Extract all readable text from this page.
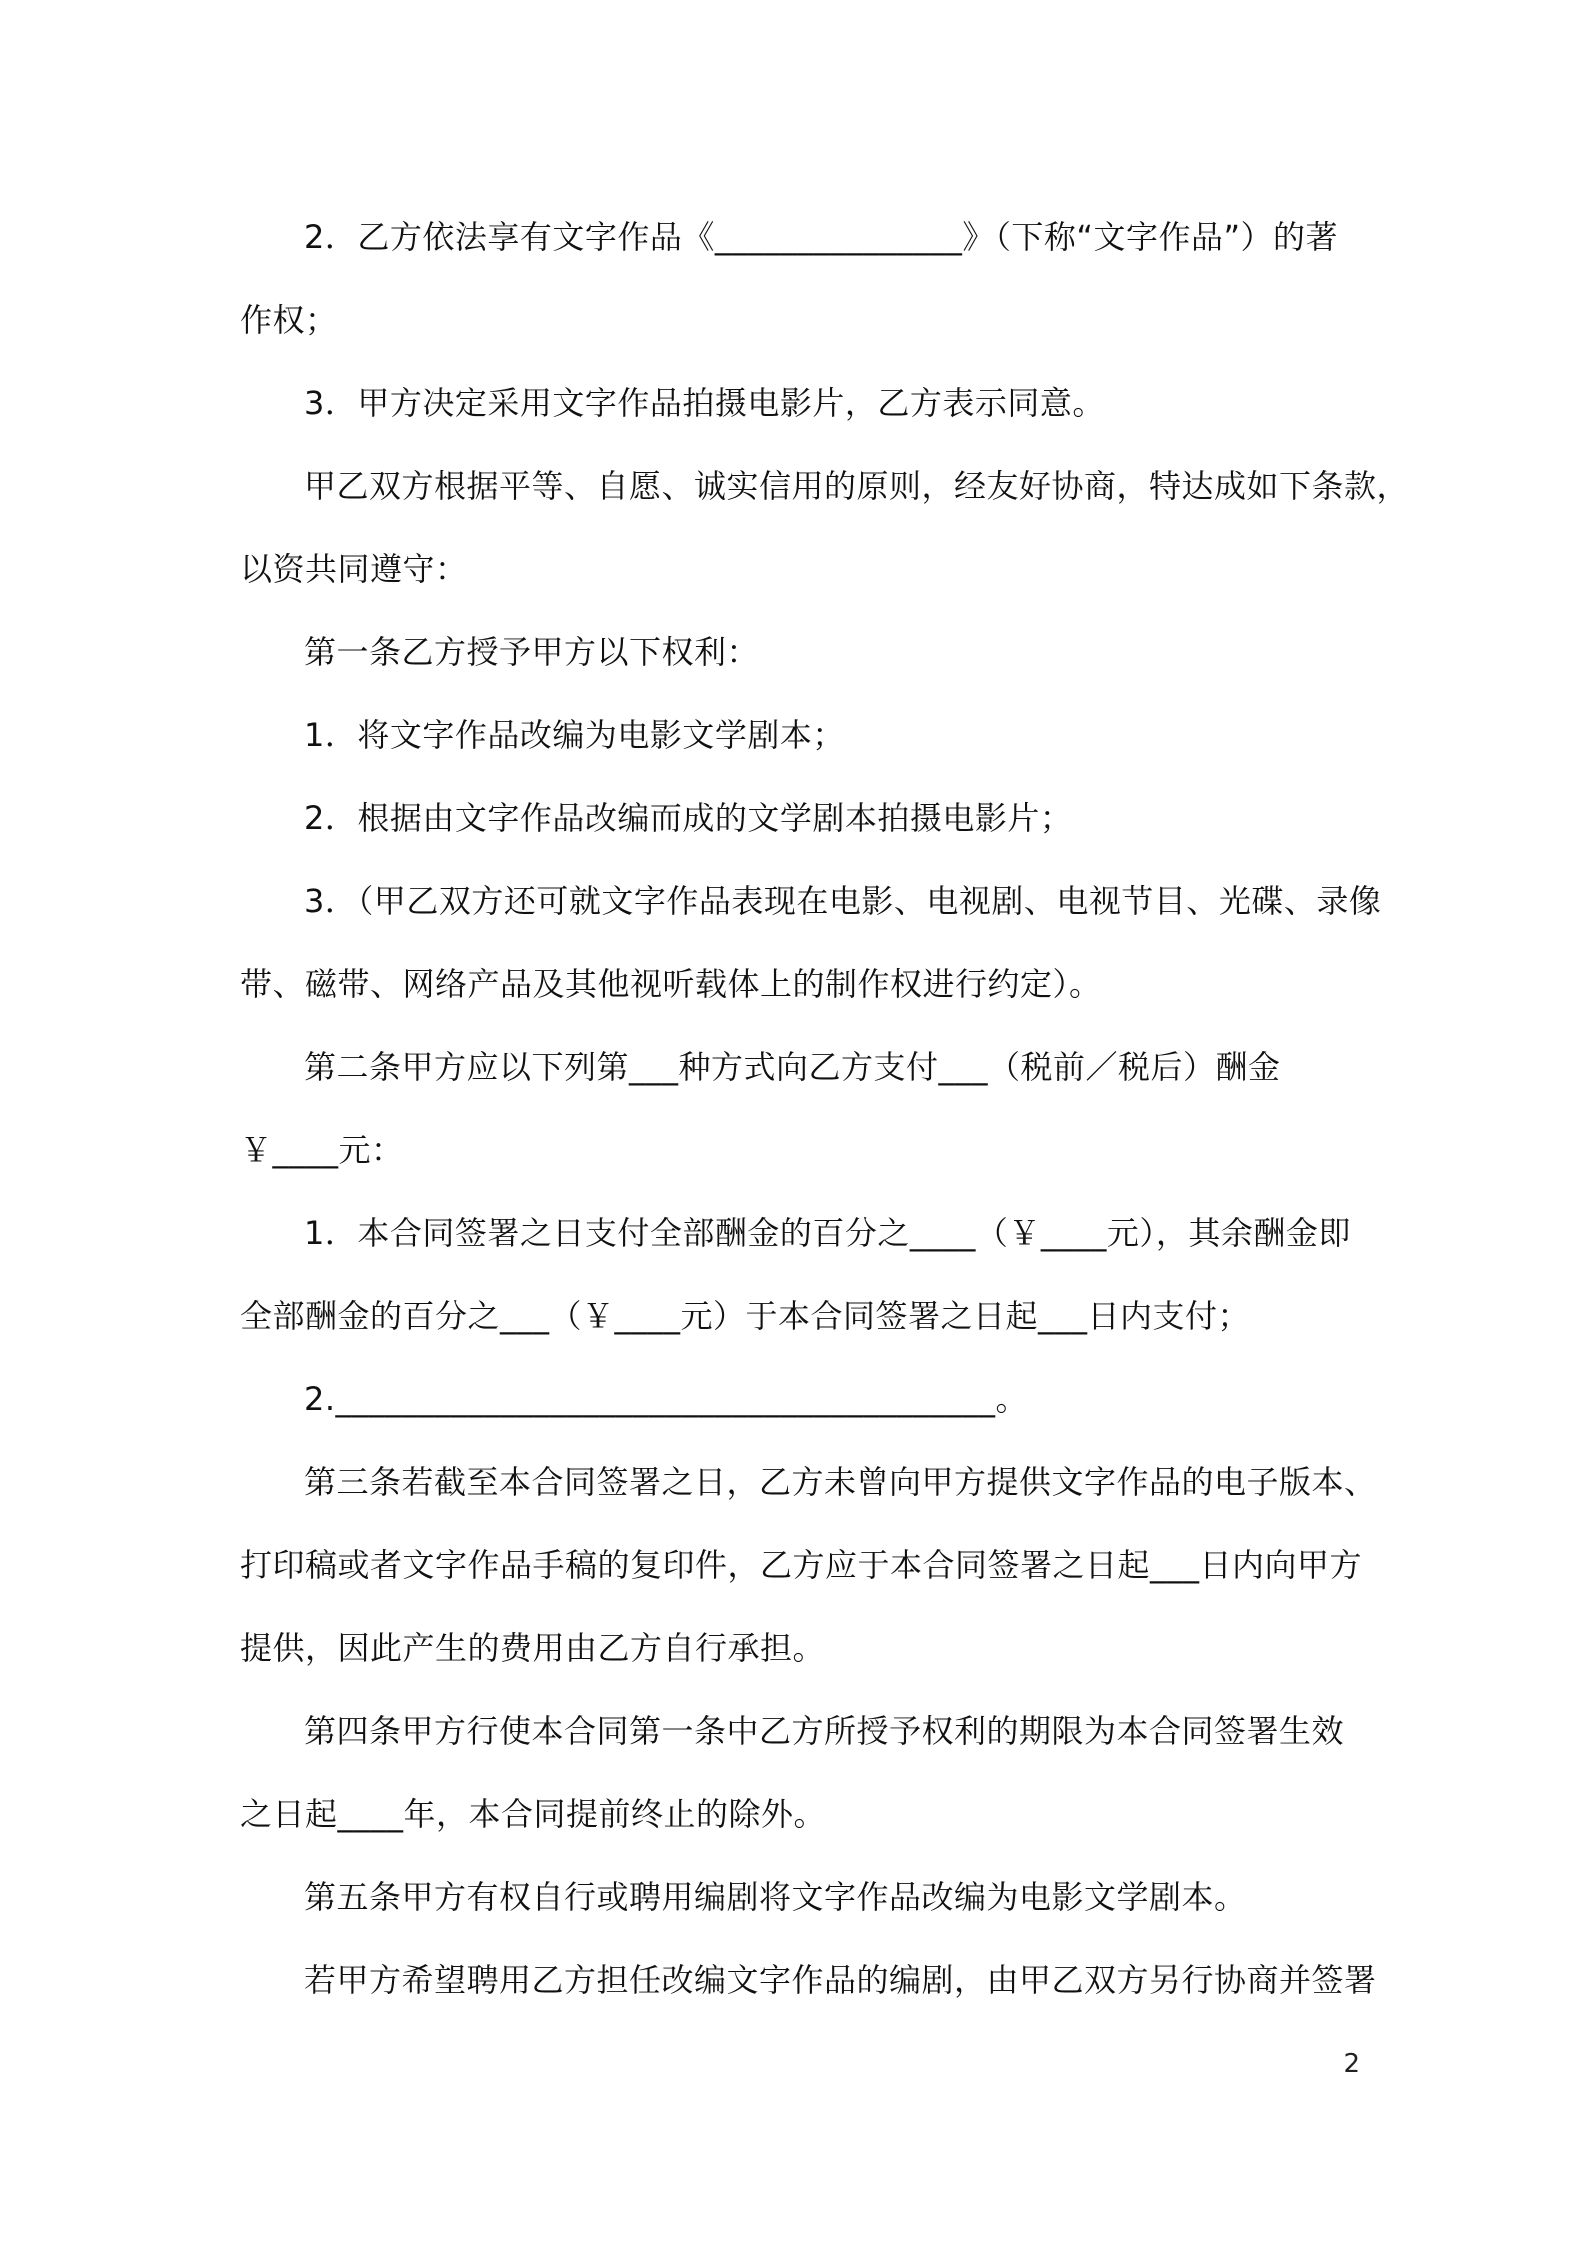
2．乙方依法享有文字作品《_______________》（下称“文字作品”）的著
作权；
3．甲方决定采用文字作品拍摄电影片，乙方表示同意。
甲乙双方根据平等、自愿、诚实信用的原则，经友好协商，特达成如下条款，
以资共同遵守：
第一条乙方授予甲方以下权利：
1．将文字作品改编为电影文学剧本；
2．根据由文字作品改编而成的文学剧本拍摄电影片；
3．（甲乙双方还可就文字作品表现在电影、电视剧、电视节目、光碟、录像
带、磁带、网络产品及其他视听载体上的制作权进行约定）。
第二条甲方应以下列第___种方式向乙方支付___（税前／税后）酬金
￥____元：
1．本合同签署之日支付全部酬金的百分之____（￥____元），其余酬金即
全部酬金的百分之___（￥____元）于本合同签署之日起___日内支付；
2.________________________________________。
第三条若截至本合同签署之日，乙方未曾向甲方提供文字作品的电子版本、
打印稿或者文字作品手稿的复印件，乙方应于本合同签署之日起___日内向甲方
提供，因此产生的费用由乙方自行承担。
第四条甲方行使本合同第一条中乙方所授予权利的期限为本合同签署生效
之日起____年，本合同提前终止的除外。
第五条甲方有权自行或聘用编剧将文字作品改编为电影文学剧本。
若甲方希望聘用乙方担任改编文字作品的编剧，由甲乙双方另行协商并签署
2
